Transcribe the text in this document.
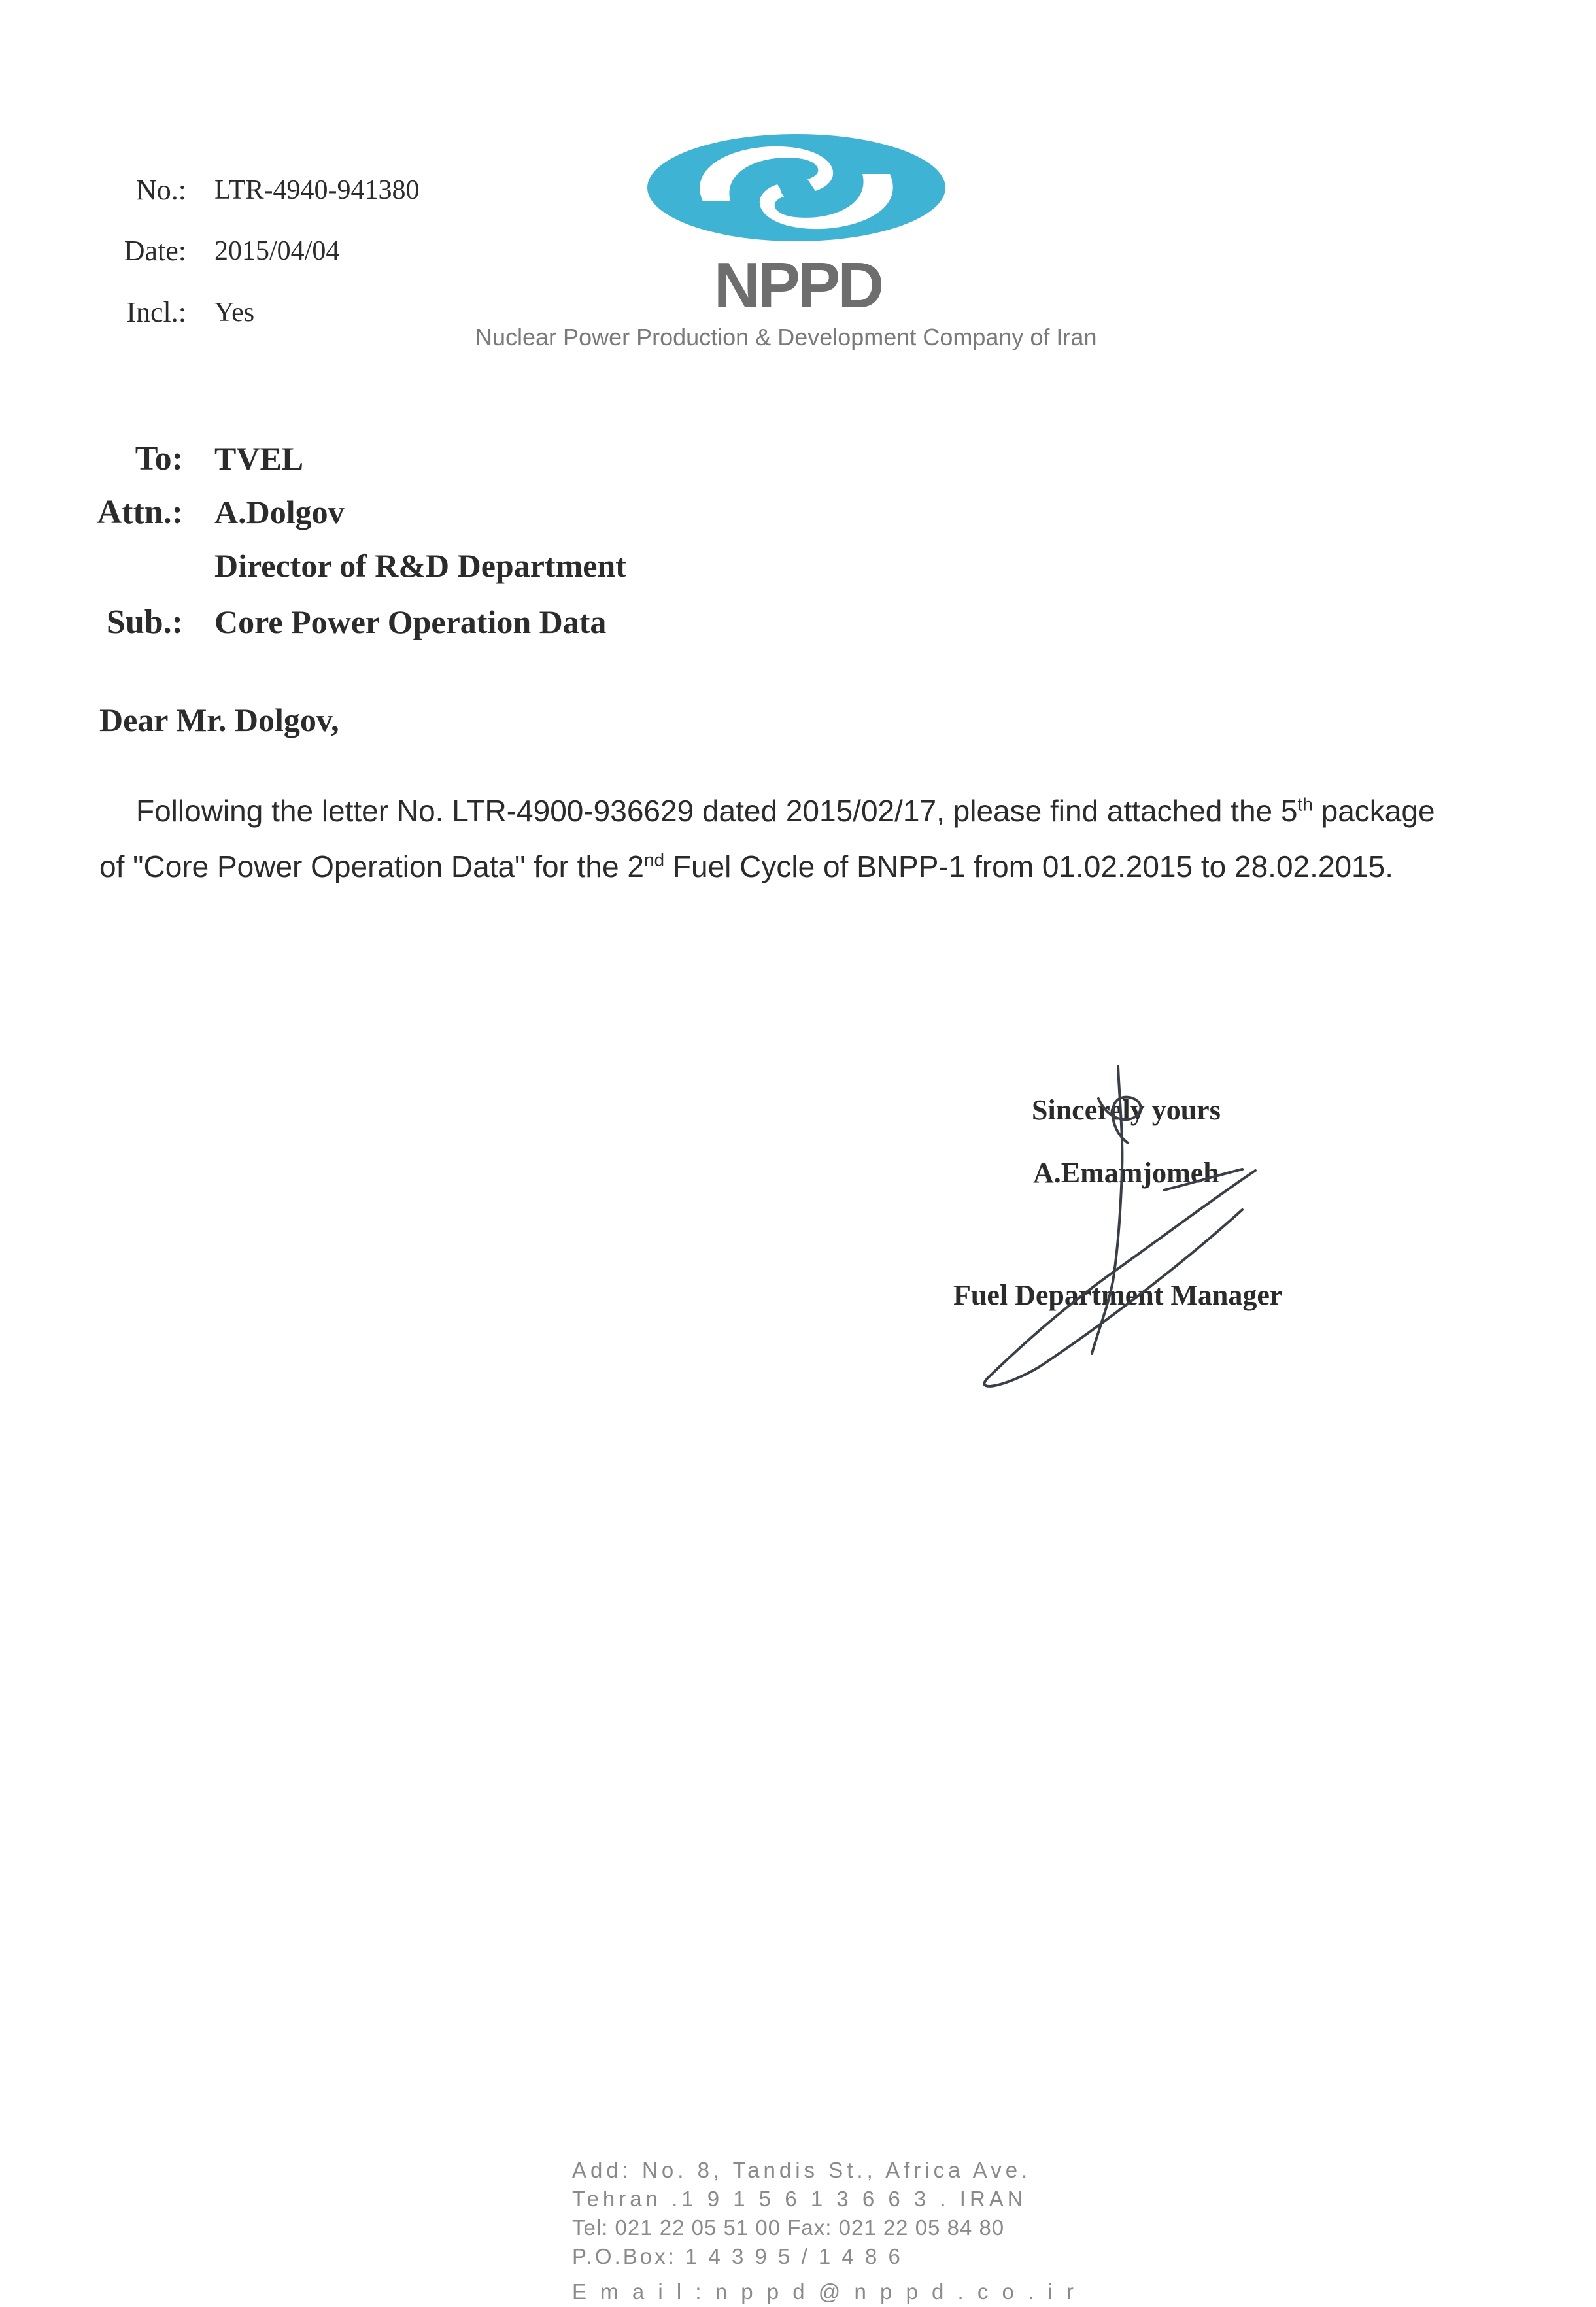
No.: LTR-4940-941380
Date: 2015/04/04
Incl.: Yes	NPPD
Nuclear Power Production & Development Company of Iran
To: TVEL
Attn.: A.Dolgov
Director of R&D Department
Sub.: Core Power Operation Data
Dear Mr. Dolgov,
Following the letter No. LTR-4900-936629 dated 2015/02/17, please find attached the 5th package of "Core Power Operation Data" for the 2nd Fuel Cycle of BNPP-1 from 01.02.2015 to 28.02.2015.
Sincerely yours
A.Emamjomeh
Fuel Department Manager
Add: No. 8, Tandis St., Africa Ave.
Tehran .1 9 1 5 6 1 3 6 6 3 . IRAN
Tel: 021 22 05 51 00 Fax: 021 22 05 84 80
P.O.Box: 1 4 3 9 5 / 1 4 8 6
E m a i l : n p p d @ n p p d . c o . i r
